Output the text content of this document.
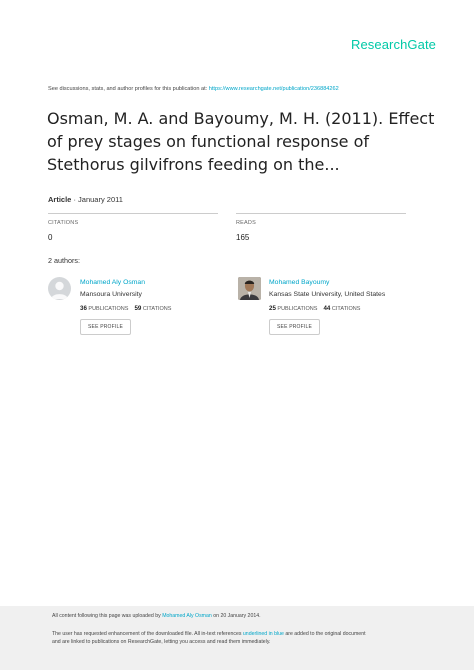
ResearchGate
See discussions, stats, and author profiles for this publication at: https://www.researchgate.net/publication/236884262
Osman, M. A. and Bayoumy, M. H. (2011). Effect of prey stages on functional response of Stethorus gilvifrons feeding on the...
Article · January 2011
CITATIONS
0
READS
165
2 authors:
Mohamed Aly Osman
Mansoura University
36 PUBLICATIONS 59 CITATIONS
SEE PROFILE
Mohamed Bayoumy
Kansas State University, United States
25 PUBLICATIONS 44 CITATIONS
SEE PROFILE
All content following this page was uploaded by Mohamed Aly Osman on 20 January 2014.
The user has requested enhancement of the downloaded file. All in-text references underlined in blue are added to the original document
and are linked to publications on ResearchGate, letting you access and read them immediately.
